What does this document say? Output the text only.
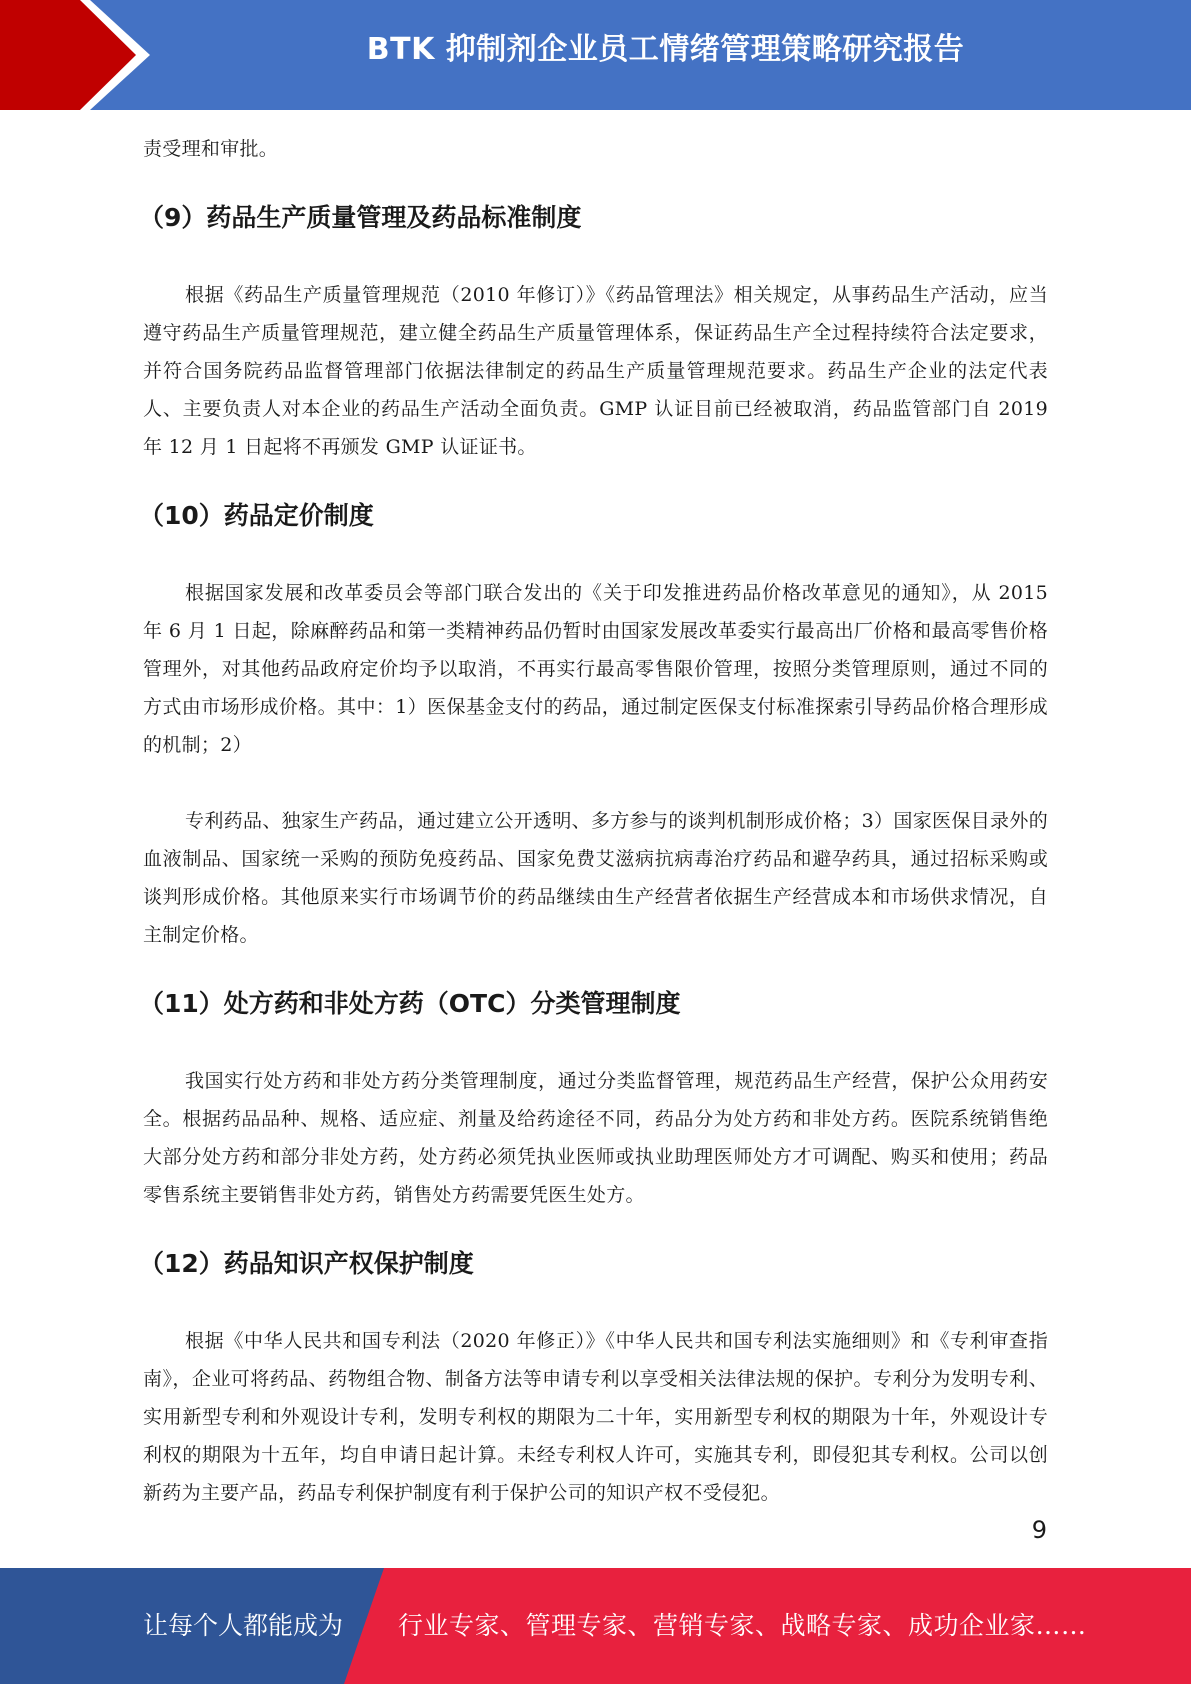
BTK 抑制剂企业员工情绪管理策略研究报告

责受理和审批。

（9）药品生产质量管理及药品标准制度

根据《药品生产质量管理规范（2010 年修订）》《药品管理法》相关规定，从事药品生产活动，应当遵守药品生产质量管理规范，建立健全药品生产质量管理体系，保证药品生产全过程持续符合法定要求，并符合国务院药品监督管理部门依据法律制定的药品生产质量管理规范要求。药品生产企业的法定代表人、主要负责人对本企业的药品生产活动全面负责。GMP 认证目前已经被取消，药品监管部门自 2019 年 12 月 1 日起将不再颁发 GMP 认证证书。

（10）药品定价制度

根据国家发展和改革委员会等部门联合发出的《关于印发推进药品价格改革意见的通知》，从 2015 年 6 月 1 日起，除麻醉药品和第一类精神药品仍暂时由国家发展改革委实行最高出厂价格和最高零售价格管理外，对其他药品政府定价均予以取消，不再实行最高零售限价管理，按照分类管理原则，通过不同的方式由市场形成价格。其中：1）医保基金支付的药品，通过制定医保支付标准探索引导药品价格合理形成的机制；2）

专利药品、独家生产药品，通过建立公开透明、多方参与的谈判机制形成价格；3）国家医保目录外的血液制品、国家统一采购的预防免疫药品、国家免费艾滋病抗病毒治疗药品和避孕药具，通过招标采购或谈判形成价格。其他原来实行市场调节价的药品继续由生产经营者依据生产经营成本和市场供求情况，自主制定价格。

（11）处方药和非处方药（OTC）分类管理制度

我国实行处方药和非处方药分类管理制度，通过分类监督管理，规范药品生产经营，保护公众用药安全。根据药品品种、规格、适应症、剂量及给药途径不同，药品分为处方药和非处方药。医院系统销售绝大部分处方药和部分非处方药，处方药必须凭执业医师或执业助理医师处方才可调配、购买和使用；药品零售系统主要销售非处方药，销售处方药需要凭医生处方。

（12）药品知识产权保护制度

根据《中华人民共和国专利法（2020 年修正）》《中华人民共和国专利法实施细则》和《专利审查指南》，企业可将药品、药物组合物、制备方法等申请专利以享受相关法律法规的保护。专利分为发明专利、实用新型专利和外观设计专利，发明专利权的期限为二十年，实用新型专利权的期限为十年，外观设计专利权的期限为十五年，均自申请日起计算。未经专利权人许可，实施其专利，即侵犯其专利权。公司以创新药为主要产品，药品专利保护制度有利于保护公司的知识产权不受侵犯。

9
让每个人都能成为 行业专家、管理专家、营销专家、战略专家、成功企业家……
